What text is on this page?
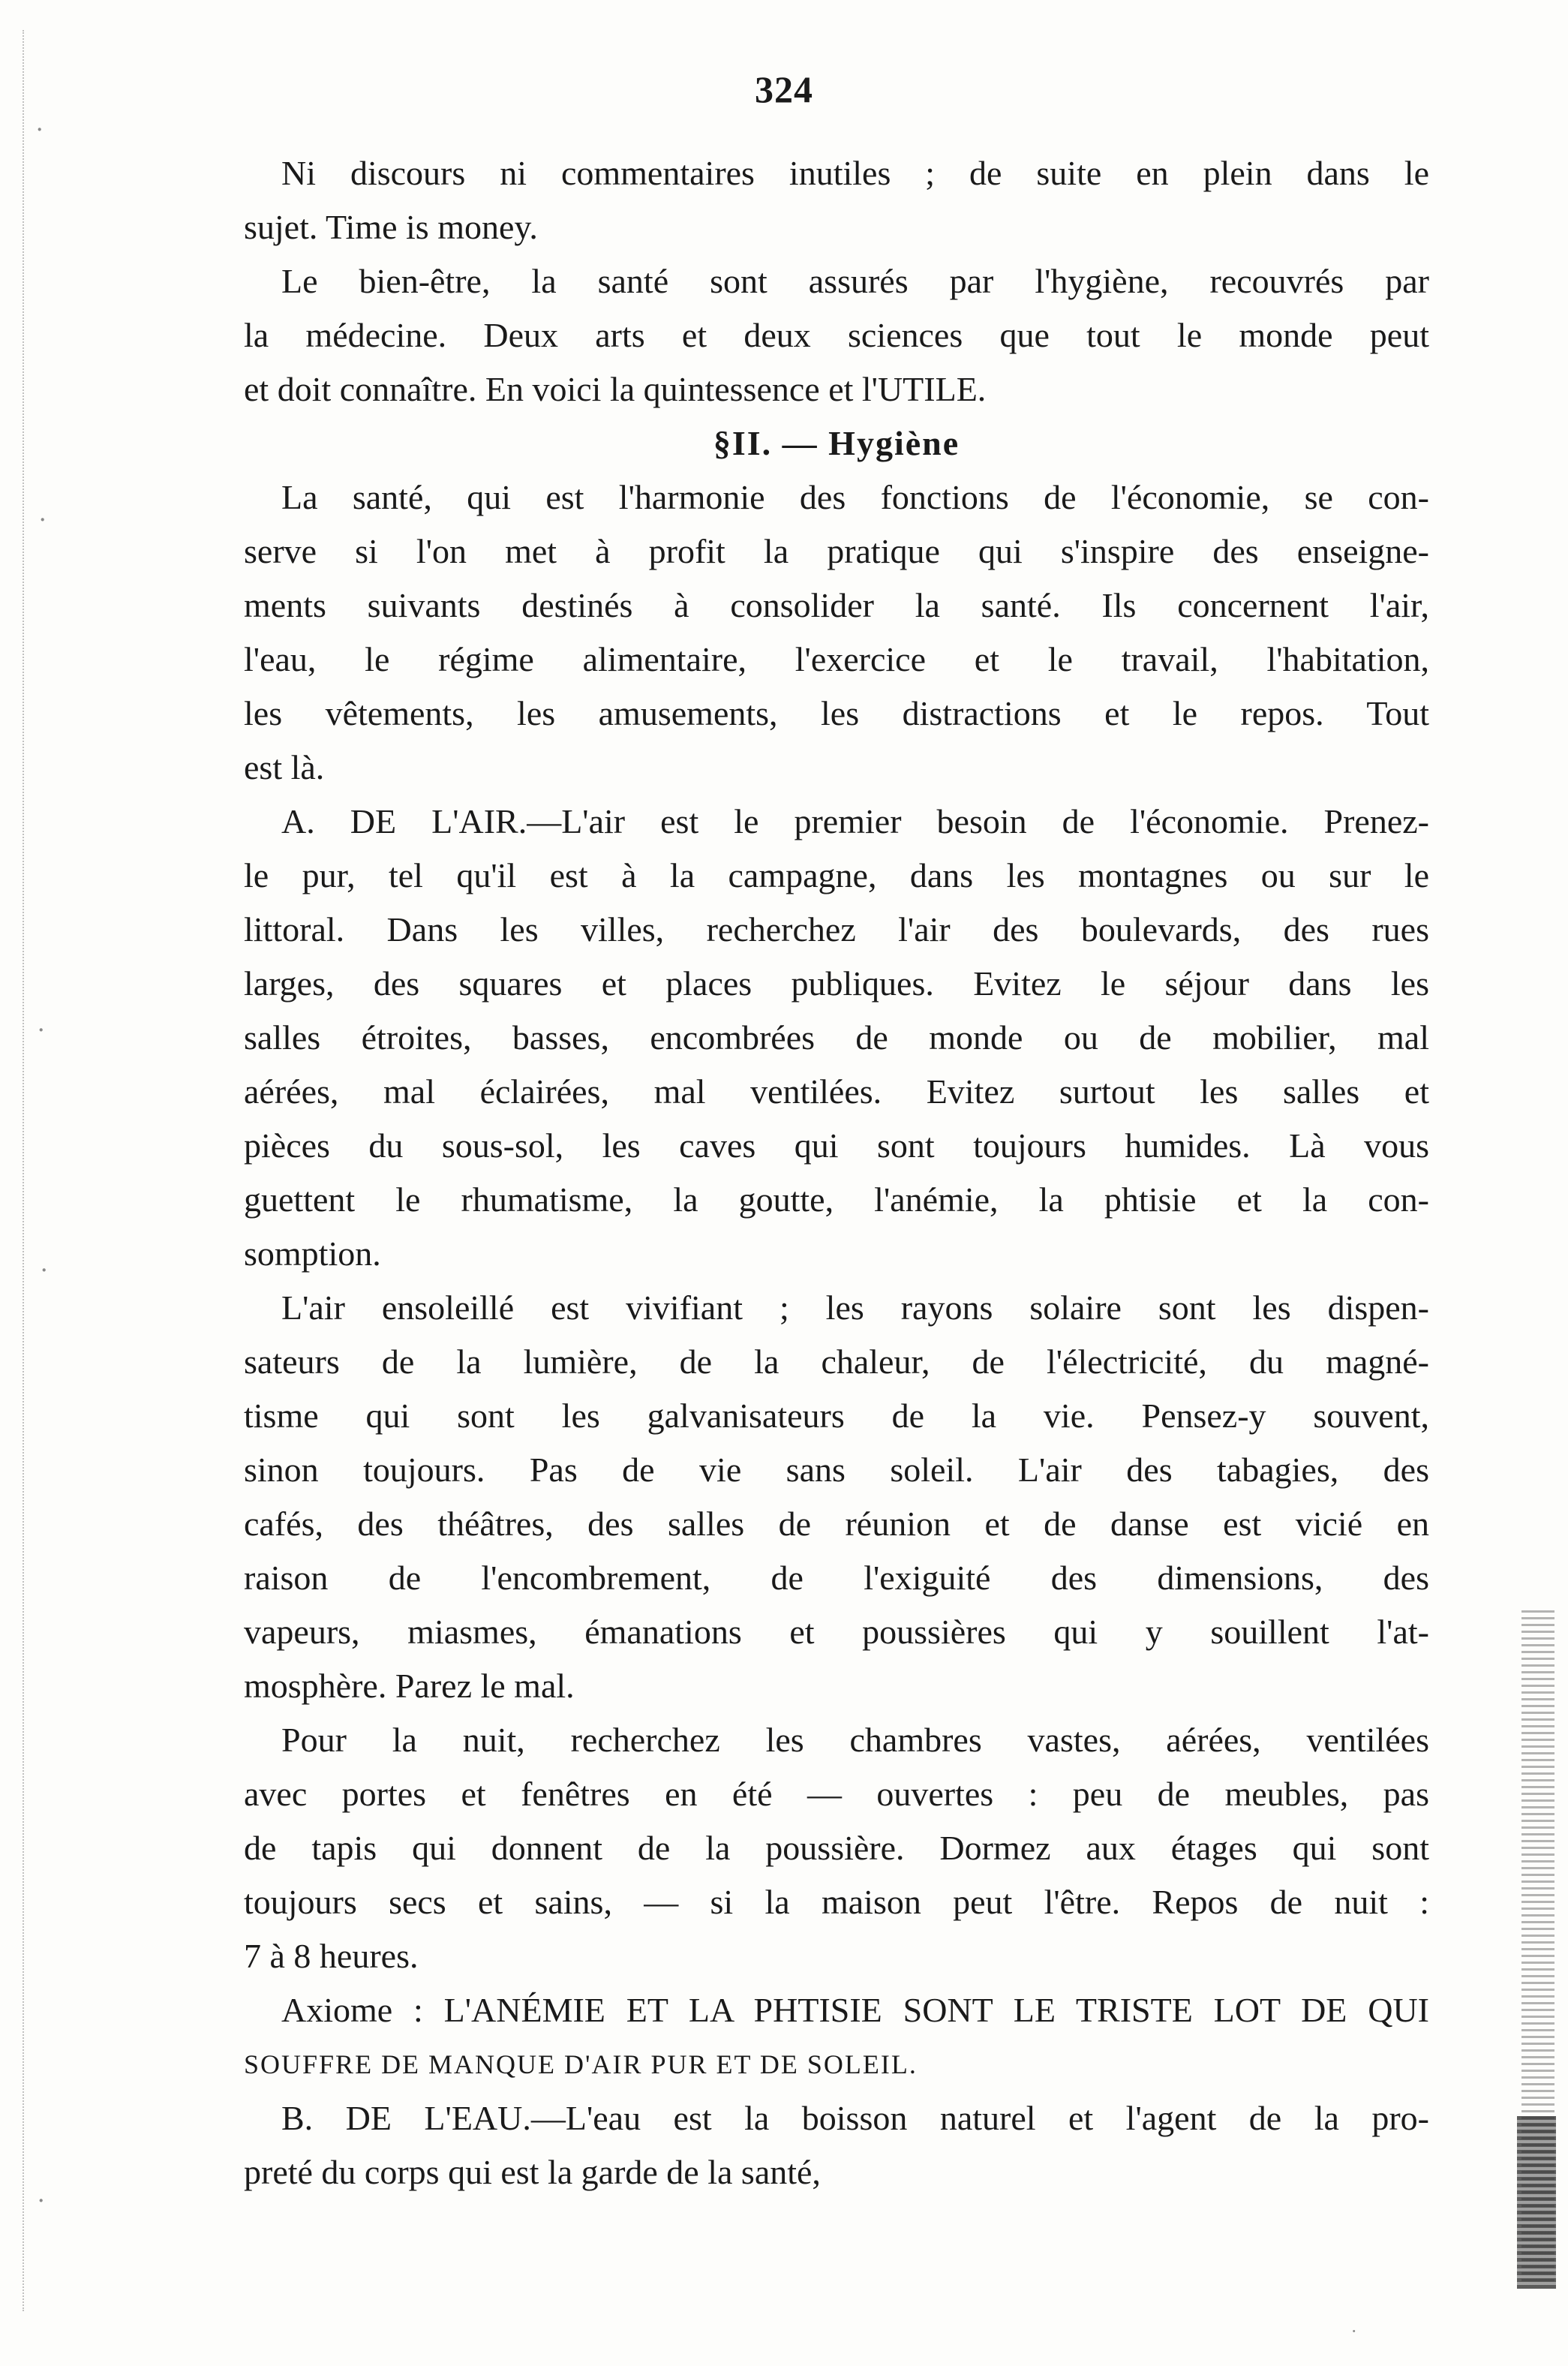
˙
˙
˙
˙
˙
˙
324
Ni discours ni commentaires inutiles ; de suite en plein dans le
sujet. Time is money.
Le bien-être, la santé sont assurés par l'hygiène, recouvrés par
la médecine. Deux arts et deux sciences que tout le monde peut
et doit connaître. En voici la quintessence et l'UTILE.
§II. — Hygiène
La santé, qui est l'harmonie des fonctions de l'économie, se con-
serve si l'on met à profit la pratique qui s'inspire des enseigne-
ments suivants destinés à consolider la santé. Ils concernent l'air,
l'eau, le régime alimentaire, l'exercice et le travail, l'habitation,
les vêtements, les amusements, les distractions et le repos. Tout
est là.
A. DE L'AIR.—L'air est le premier besoin de l'économie. Prenez-
le pur, tel qu'il est à la campagne, dans les montagnes ou sur le
littoral. Dans les villes, recherchez l'air des boulevards, des rues
larges, des squares et places publiques. Evitez le séjour dans les
salles étroites, basses, encombrées de monde ou de mobilier, mal
aérées, mal éclairées, mal ventilées. Evitez surtout les salles et
pièces du sous-sol, les caves qui sont toujours humides. Là vous
guettent le rhumatisme, la goutte, l'anémie, la phtisie et la con-
somption.
L'air ensoleillé est vivifiant ; les rayons solaire sont les dispen-
sateurs de la lumière, de la chaleur, de l'électricité, du magné-
tisme qui sont les galvanisateurs de la vie. Pensez-y souvent,
sinon toujours. Pas de vie sans soleil. L'air des tabagies, des
cafés, des théâtres, des salles de réunion et de danse est vicié en
raison de l'encombrement, de l'exiguité des dimensions, des
vapeurs, miasmes, émanations et poussières qui y souillent l'at-
mosphère. Parez le mal.
Pour la nuit, recherchez les chambres vastes, aérées, ventilées
avec portes et fenêtres en été — ouvertes : peu de meubles, pas
de tapis qui donnent de la poussière. Dormez aux étages qui sont
toujours secs et sains, — si la maison peut l'être. Repos de nuit :
7 à 8 heures.
Axiome : L'ANÉMIE ET LA PHTISIE SONT LE TRISTE LOT DE QUI
SOUFFRE DE MANQUE D'AIR PUR ET DE SOLEIL.
B. DE L'EAU.—L'eau est la boisson naturel et l'agent de la pro-
preté du corps qui est la garde de la santé,
